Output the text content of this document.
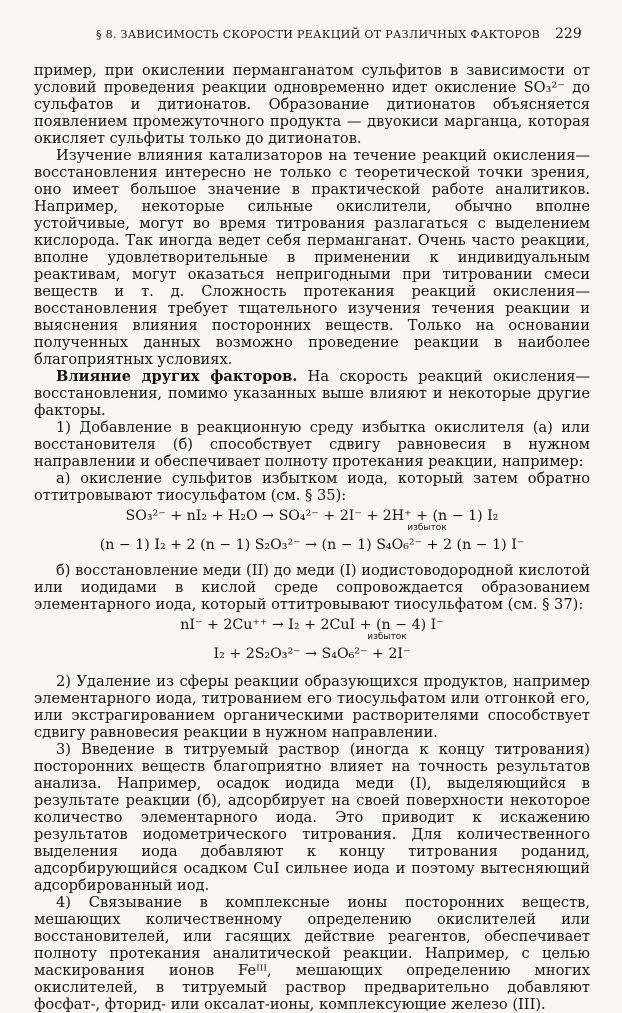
§ 8. ЗАВИСИМОСТЬ СКОРОСТИ РЕАКЦИЙ ОТ РАЗЛИЧНЫХ ФАКТОРОВ	229

пример, при окислении перманганатом сульфитов в зависимости от условий проведения реакции одновременно идет окисление SO₃²⁻ до сульфатов и дитионатов. Образование дитионатов объясняется появлением промежуточного продукта — двуокиси марганца, которая окисляет сульфиты только до дитионатов.

Изучение влияния катализаторов на течение реакций окисления—восстановления интересно не только с теоретической точки зрения, оно имеет большое значение в практической работе аналитиков. Например, некоторые сильные окислители, обычно вполне устойчивые, могут во время титрования разлагаться с выделением кислорода. Так иногда ведет себя перманганат. Очень часто реакции, вполне удовлетворительные в применении к индивидуальным реактивам, могут оказаться непригодными при титровании смеси веществ и т. д. Сложность протекания реакций окисления—восстановления требует тщательного изучения течения реакции и выяснения влияния посторонних веществ. Только на основании полученных данных возможно проведение реакции в наиболее благоприятных условиях.

Влияние других факторов. На скорость реакций окисления—восстановления, помимо указанных выше влияют и некоторые другие факторы.

1) Добавление в реакционную среду избытка окислителя (а) или восстановителя (б) способствует сдвигу равновесия в нужном направлении и обеспечивает полноту протекания реакции, например:

а) окисление сульфитов избытком иода, который затем обратно оттитровывают тиосульфатом (см. § 35):

SO₃²⁻ + nI₂ + H₂O → SO₄²⁻ + 2I⁻ + 2H⁺ + (n − 1) I₂
избыток
(n − 1) I₂ + 2 (n − 1) S₂O₃²⁻ → (n − 1) S₄O₆²⁻ + 2 (n − 1) I⁻

б) восстановление меди (II) до меди (I) иодистоводородной кислотой или иодидами в кислой среде сопровождается образованием элементарного иода, который оттитровывают тиосульфатом (см. § 37):

nI⁻ + 2Cu⁺⁺ → I₂ + 2CuI + (n − 4) I⁻
избыток
I₂ + 2S₂O₃²⁻ → S₄O₆²⁻ + 2I⁻

2) Удаление из сферы реакции образующихся продуктов, например элементарного иода, титрованием его тиосульфатом или отгонкой его, или экстрагированием органическими растворителями способствует сдвигу равновесия реакции в нужном направлении.

3) Введение в титруемый раствор (иногда к концу титрования) посторонних веществ благоприятно влияет на точность результатов анализа. Например, осадок иодида меди (I), выделяющийся в результате реакции (б), адсорбирует на своей поверхности некоторое количество элементарного иода. Это приводит к искажению результатов иодометрического титрования. Для количественного выделения иода добавляют к концу титрования роданид, адсорбирующийся осадком CuI сильнее иода и поэтому вытесняющий адсорбированный иод.

4) Связывание в комплексные ионы посторонних веществ, мешающих количественному определению окислителей или восстановителей, или гасящих действие реагентов, обеспечивает полноту протекания аналитической реакции. Например, с целью маскирования ионов Feᴵᴵᴵ, мешающих определению многих окислителей, в титруемый раствор предварительно добавляют фосфат-, фторид- или оксалат-ионы, комплексующие железо (III).
